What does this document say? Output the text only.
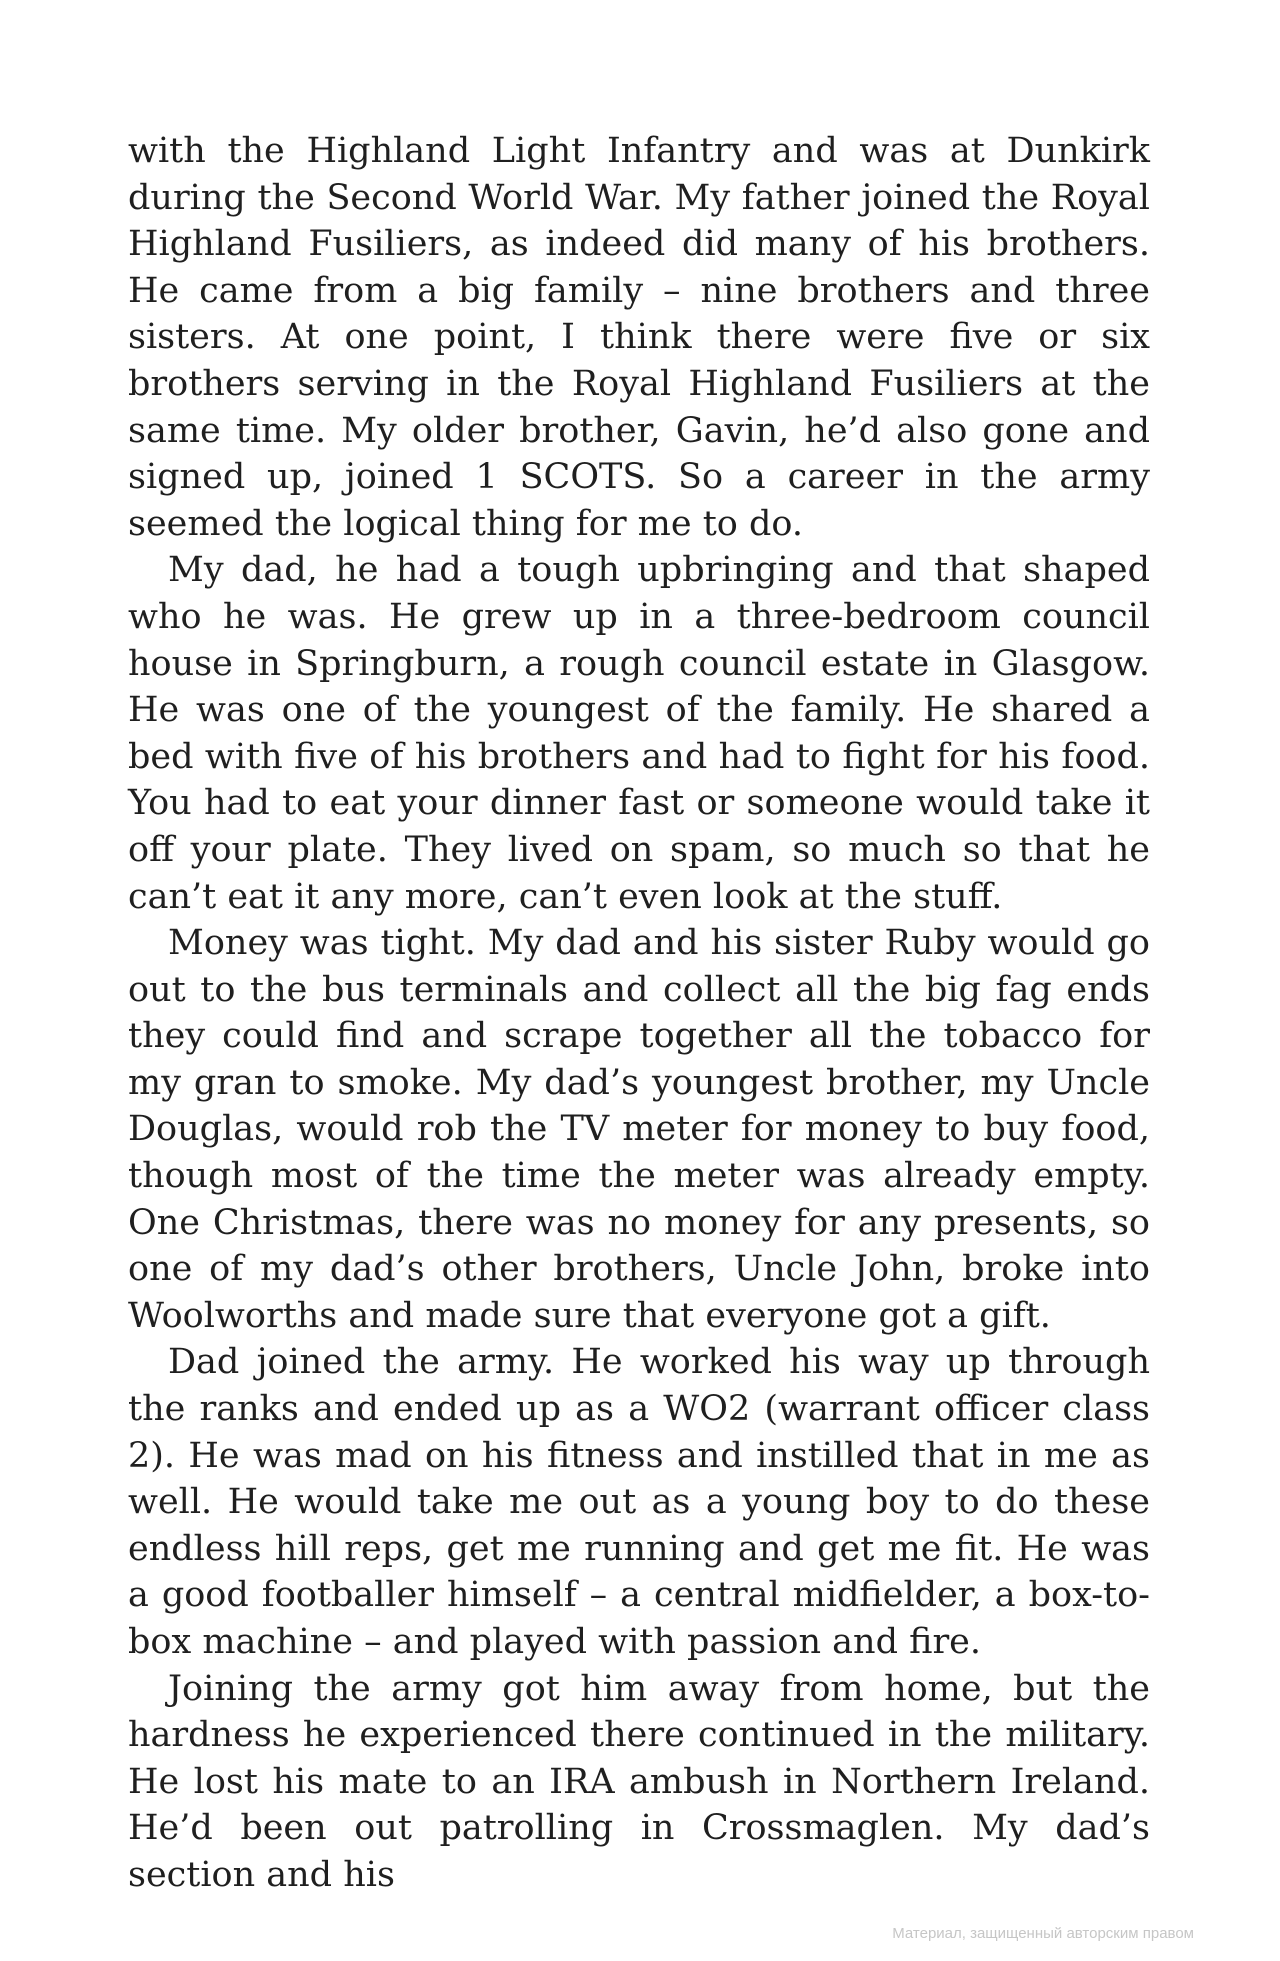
with the Highland Light Infantry and was at Dunkirk during the Second World War. My father joined the Royal Highland Fusiliers, as indeed did many of his brothers. He came from a big family – nine brothers and three sisters. At one point, I think there were five or six brothers serving in the Royal Highland Fusiliers at the same time. My older brother, Gavin, he’d also gone and signed up, joined 1 SCOTS. So a career in the army seemed the logical thing for me to do.

My dad, he had a tough upbringing and that shaped who he was. He grew up in a three-bedroom council house in Springburn, a rough council estate in Glasgow. He was one of the youngest of the family. He shared a bed with five of his brothers and had to fight for his food. You had to eat your dinner fast or someone would take it off your plate. They lived on spam, so much so that he can’t eat it any more, can’t even look at the stuff.

Money was tight. My dad and his sister Ruby would go out to the bus terminals and collect all the big fag ends they could find and scrape together all the tobacco for my gran to smoke. My dad’s youngest brother, my Uncle Douglas, would rob the TV meter for money to buy food, though most of the time the meter was already empty. One Christmas, there was no money for any presents, so one of my dad’s other brothers, Uncle John, broke into Woolworths and made sure that everyone got a gift.

Dad joined the army. He worked his way up through the ranks and ended up as a WO2 (warrant officer class 2). He was mad on his fitness and instilled that in me as well. He would take me out as a young boy to do these endless hill reps, get me running and get me fit. He was a good footballer himself – a central midfielder, a box-to-box machine – and played with passion and fire.

Joining the army got him away from home, but the hardness he experienced there continued in the military. He lost his mate to an IRA ambush in Northern Ireland. He’d been out patrolling in Crossmaglen. My dad’s section and his

Материал, защищенный авторским правом
